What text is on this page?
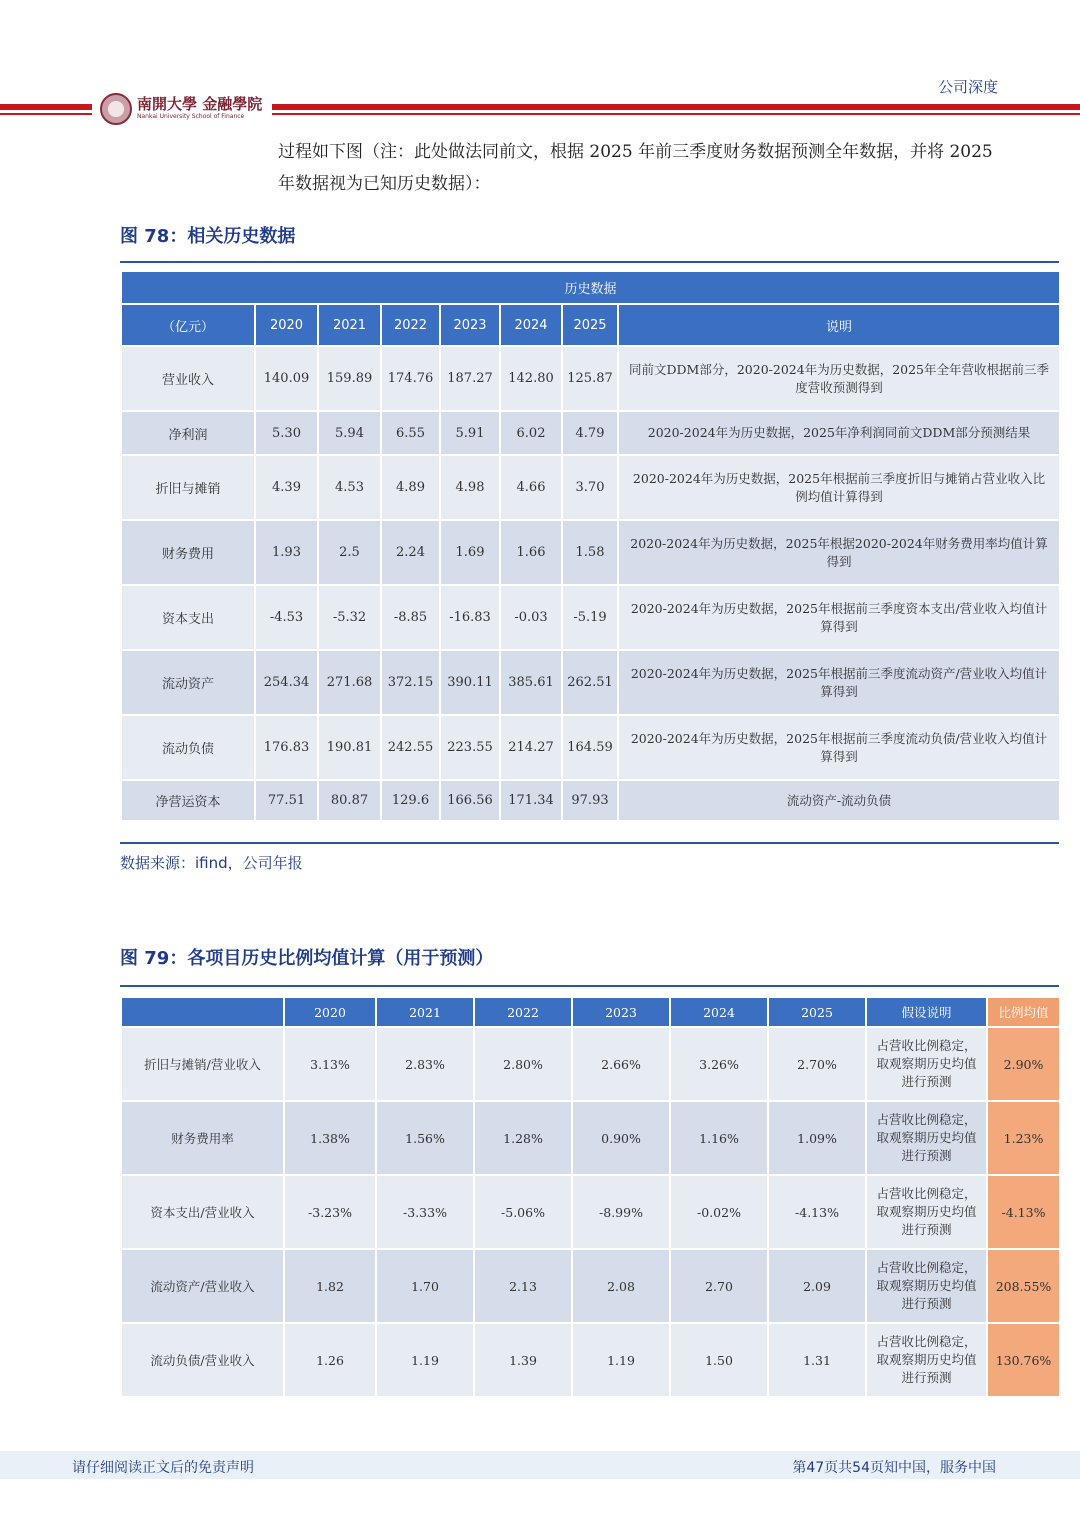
公司深度
南開大學 金融學院
Nankai University School of Finance

过程如下图（注：此处做法同前文，根据 2025 年前三季度财务数据预测全年数据，并将 2025 年数据视为已知历史数据）：

图 78：相关历史数据
历史数据							
（亿元）	2020	2021	2022	2023	2024	2025	说明
营业收入	140.09	159.89	174.76	187.27	142.80	125.87	同前文DDM部分，2020-2024年为历史数据，2025年全年营收根据前三季度营收预测得到
净利润	5.30	5.94	6.55	5.91	6.02	4.79	2020-2024年为历史数据，2025年净利润同前文DDM部分预测结果
折旧与摊销	4.39	4.53	4.89	4.98	4.66	3.70	2020-2024年为历史数据，2025年根据前三季度折旧与摊销占营业收入比例均值计算得到
财务费用	1.93	2.5	2.24	1.69	1.66	1.58	2020-2024年为历史数据，2025年根据2020-2024年财务费用率均值计算得到
资本支出	-4.53	-5.32	-8.85	-16.83	-0.03	-5.19	2020-2024年为历史数据，2025年根据前三季度资本支出/营业收入均值计算得到
流动资产	254.34	271.68	372.15	390.11	385.61	262.51	2020-2024年为历史数据，2025年根据前三季度流动资产/营业收入均值计算得到
流动负债	176.83	190.81	242.55	223.55	214.27	164.59	2020-2024年为历史数据，2025年根据前三季度流动负债/营业收入均值计算得到
净营运资本	77.51	80.87	129.6	166.56	171.34	97.93	流动资产-流动负债
数据来源：ifind，公司年报
图 79：各项目历史比例均值计算（用于预测）
	2020	2021	2022	2023	2024	2025	假设说明	比例均值
折旧与摊销/营业收入	3.13%	2.83%	2.80%	2.66%	3.26%	2.70%	占营收比例稳定，取观察期历史均值进行预测	2.90%
财务费用率	1.38%	1.56%	1.28%	0.90%	1.16%	1.09%	占营收比例稳定，取观察期历史均值进行预测	1.23%
资本支出/营业收入	-3.23%	-3.33%	-5.06%	-8.99%	-0.02%	-4.13%	占营收比例稳定，取观察期历史均值进行预测	-4.13%
流动资产/营业收入	1.82	1.70	2.13	2.08	2.70	2.09	占营收比例稳定，取观察期历史均值进行预测	208.55%
流动负债/营业收入	1.26	1.19	1.39	1.19	1.50	1.31	占营收比例稳定，取观察期历史均值进行预测	130.76%
请仔细阅读正文后的免责声明	第47页共54页知中国，服务中国
